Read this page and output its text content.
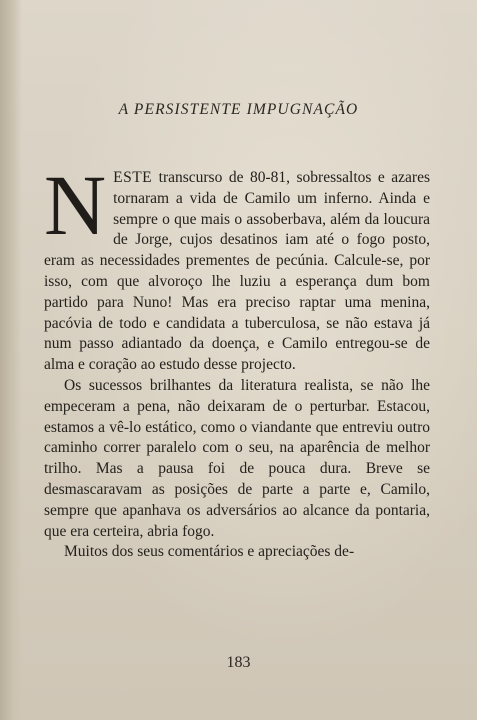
A PERSISTENTE IMPUGNAÇÃO

NESTE transcurso de 80-81, sobressaltos e azares tornaram a vida de Camilo um inferno. Ainda e sempre o que mais o assoberbava, além da loucura de Jorge, cujos desatinos iam até o fogo posto, eram as necessidades prementes de pecúnia. Calcule-se, por isso, com que alvoroço lhe luziu a esperança dum bom partido para Nuno! Mas era preciso raptar uma menina, pacóvia de todo e candidata a tuberculosa, se não estava já num passo adiantado da doença, e Camilo entregou-se de alma e coração ao estudo desse projecto.

Os sucessos brilhantes da literatura realista, se não lhe empeceram a pena, não deixaram de o perturbar. Estacou, estamos a vê-lo estático, como o viandante que entreviu outro caminho correr paralelo com o seu, na aparência de melhor trilho. Mas a pausa foi de pouca dura. Breve se desmascaravam as posições de parte a parte e, Camilo, sempre que apanhava os adversários ao alcance da pontaria, que era certeira, abria fogo.

Muitos dos seus comentários e apreciações de-

183
